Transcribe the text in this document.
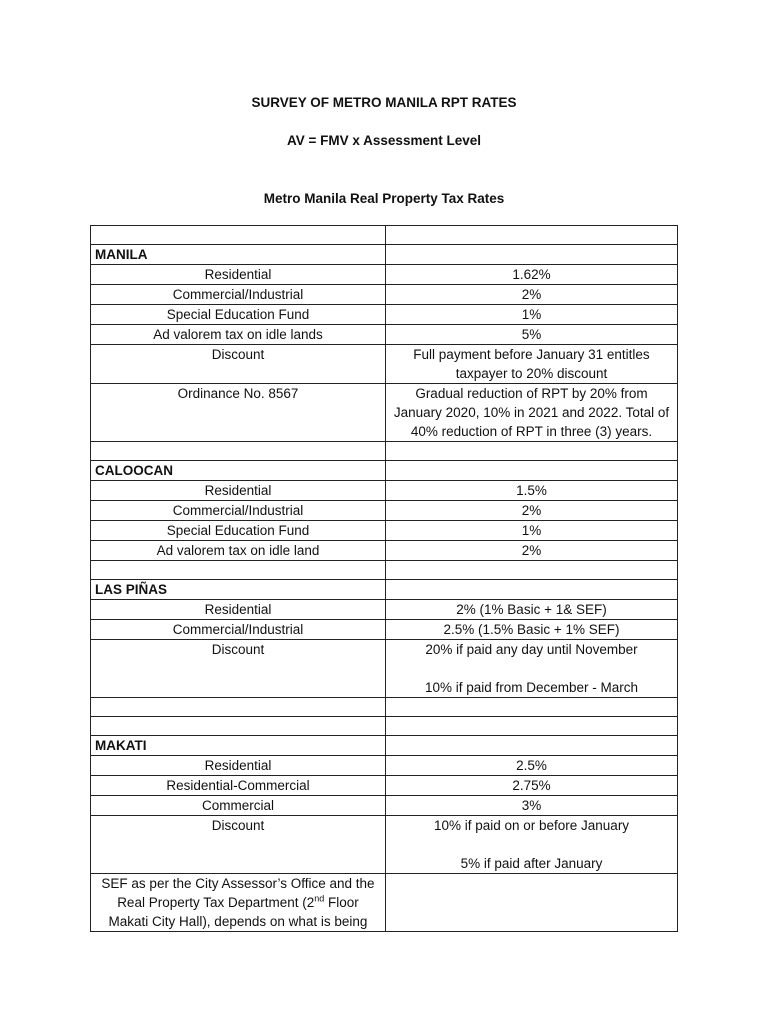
SURVEY OF METRO MANILA RPT RATES
AV = FMV x Assessment Level
Metro Manila Real Property Tax Rates

MANILA	
Residential	1.62%
Commercial/Industrial	2%
Special Education Fund	1%
Ad valorem tax on idle lands	5%
Discount	Full payment before January 31 entitles
taxpayer to 20% discount

Ordinance No. 8567	Gradual reduction of RPT by 20% from
January 2020, 10% in 2021 and 2022. Total of
40% reduction of RPT in three (3) years.

CALOOCAN	
Residential	1.5%
Commercial/Industrial	2%
Special Education Fund	1%
Ad valorem tax on idle land	2%

LAS PIÑAS	
Residential	2% (1% Basic + 1& SEF)
Commercial/Industrial	2.5% (1.5% Basic + 1% SEF)
Discount	20% if paid any day until November
10% if paid from December - March

MAKATI	
Residential	2.5%
Residential-Commercial	2.75%
Commercial	3%
Discount	10% if paid on or before January
5% if paid after January

SEF as per the City Assessor’s Office and the
Real Property Tax Department (2nd Floor
Makati City Hall), depends on what is being	
